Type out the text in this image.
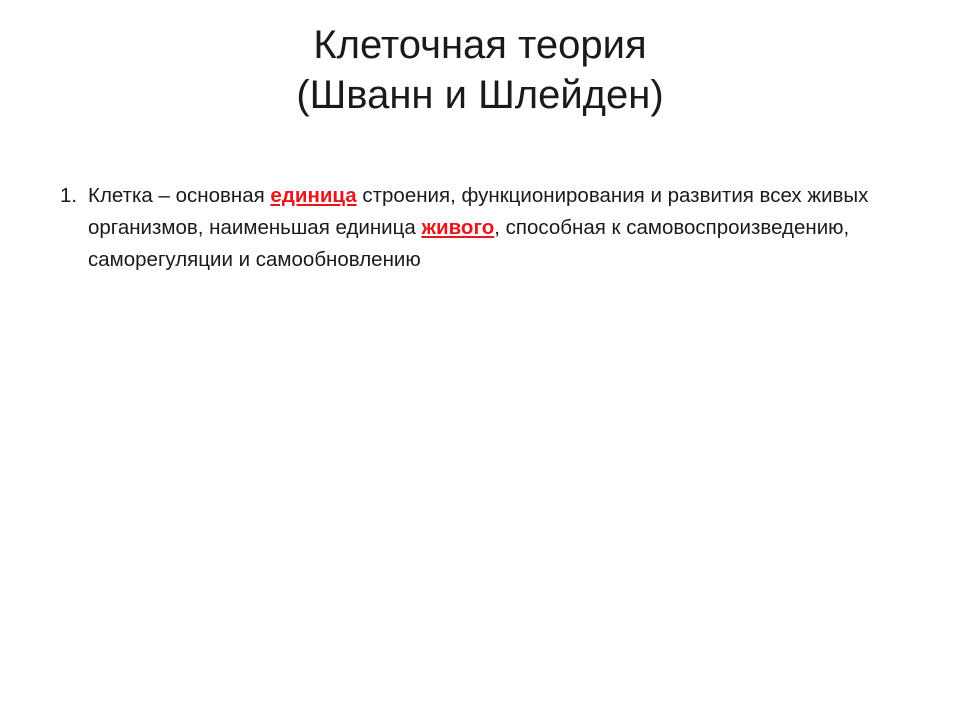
Клеточная теория
(Шванн и Шлейден)
1. Клетка – основная единица строения, функционирования и развития всех живых организмов, наименьшая единица живого, способная к самовоспроизведению, саморегуляции и самообновлению
